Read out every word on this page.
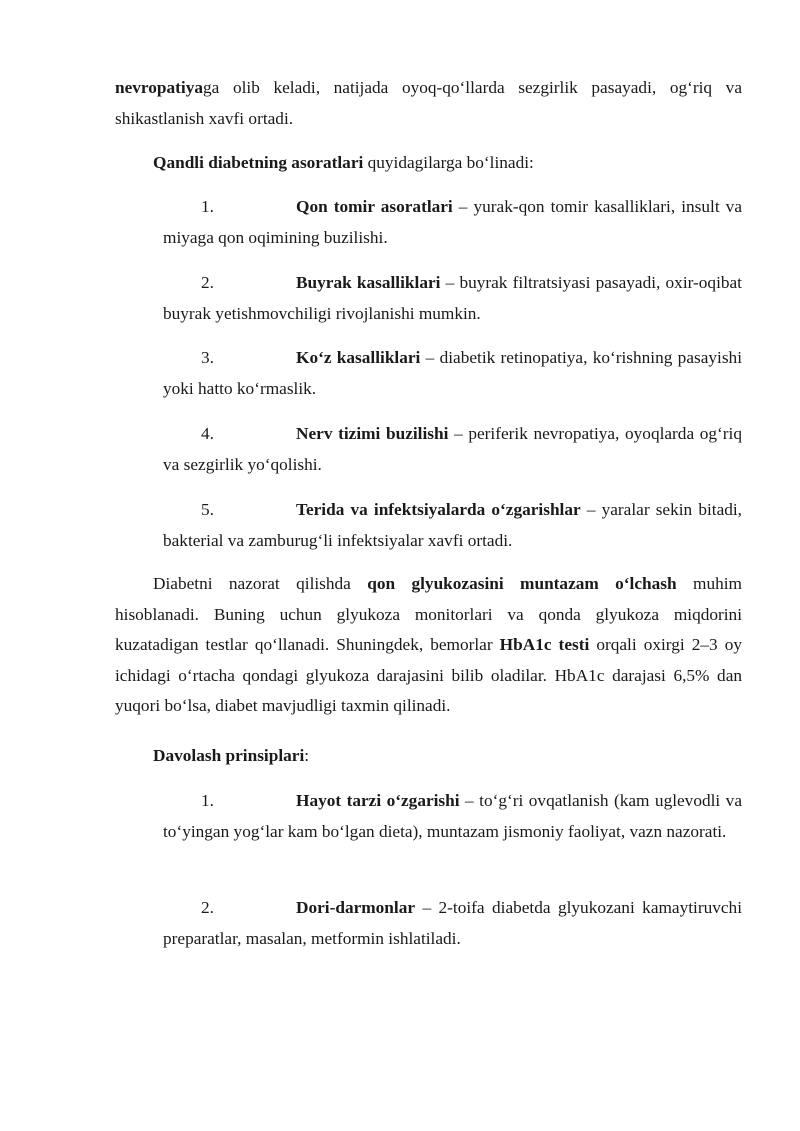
nevropatiyaga olib keladi, natijada oyoq-qo‘llarda sezgirlik pasayadi, og‘riq va shikastlanish xavfi ortadi.

Qandli diabetning asoratlari quyidagilarga bo‘linadi:

1.	Qon tomir asoratlari – yurak-qon tomir kasalliklari, insult va miyaga qon oqimining buzilishi.

2.	Buyrak kasalliklari – buyrak filtratsiyasi pasayadi, oxir-oqibat buyrak yetishmovchiligi rivojlanishi mumkin.

3.	Ko‘z kasalliklari – diabetik retinopatiya, ko‘rishning pasayishi yoki hatto ko‘rmaslik.

4.	Nerv tizimi buzilishi – periferik nevropatiya, oyoqlarda og‘riq va sezgirlik yo‘qolishi.

5.	Terida va infektsiyalarda o‘zgarishlar – yaralar sekin bitadi, bakterial va zamburug‘li infektsiyalar xavfi ortadi.

Diabetni nazorat qilishda qon glyukozasini muntazam o‘lchash muhim hisoblanadi. Buning uchun glyukoza monitorlari va qonda glyukoza miqdorini kuzatadigan testlar qo‘llanadi. Shuningdek, bemorlar HbA1c testi orqali oxirgi 2–3 oy ichidagi o‘rtacha qondagi glyukoza darajasini bilib oladilar. HbA1c darajasi 6,5% dan yuqori bo‘lsa, diabet mavjudligi taxmin qilinadi.

Davolash prinsiplari:

1.	Hayot tarzi o‘zgarishi – to‘g‘ri ovqatlanish (kam uglevodli va to‘yingan yog‘lar kam bo‘lgan dieta), muntazam jismoniy faoliyat, vazn nazorati.

2.	Dori-darmonlar – 2-toifa diabetda glyukozani kamaytiruvchi preparatlar, masalan, metformin ishlatiladi.
